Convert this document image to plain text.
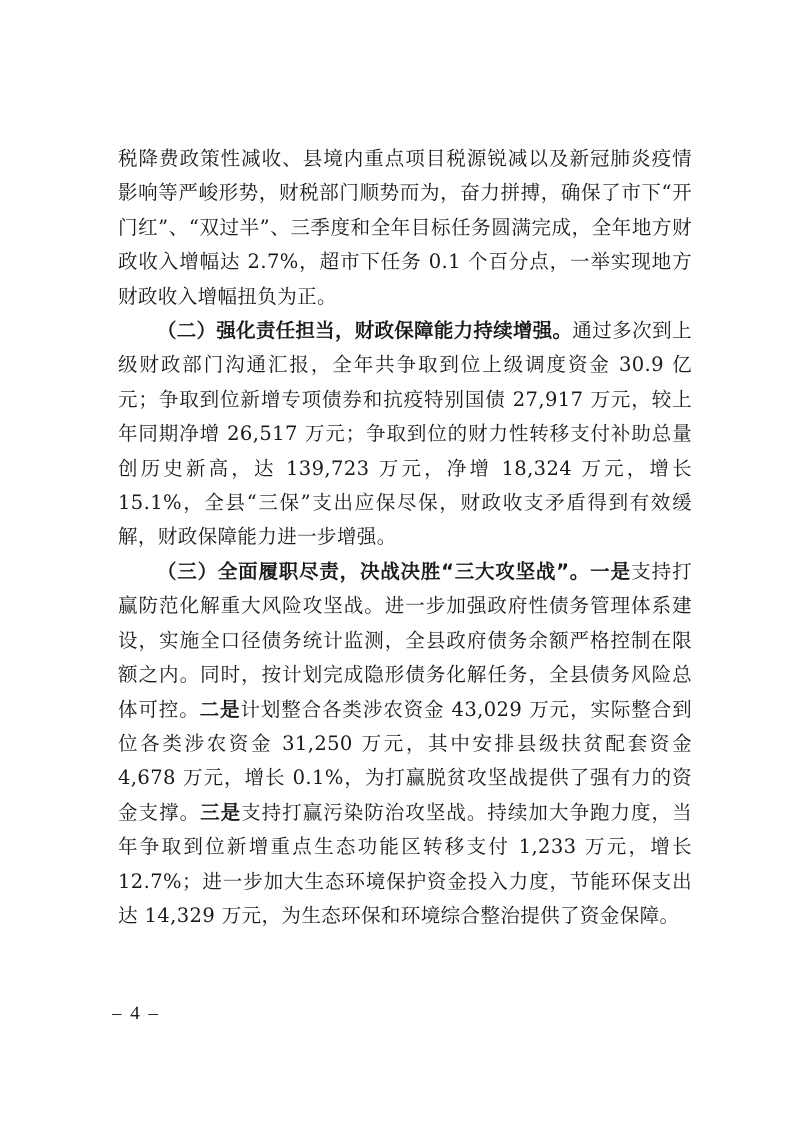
税降费政策性减收、县境内重点项目税源锐减以及新冠肺炎疫情影响等严峻形势，财税部门顺势而为，奋力拼搏，确保了市下“开门红”、“双过半”、三季度和全年目标任务圆满完成，全年地方财政收入增幅达 2.7%，超市下任务 0.1 个百分点，一举实现地方财政收入增幅扭负为正。

（二）强化责任担当，财政保障能力持续增强。通过多次到上级财政部门沟通汇报，全年共争取到位上级调度资金 30.9 亿元；争取到位新增专项债券和抗疫特别国债 27,917 万元，较上年同期净增 26,517 万元；争取到位的财力性转移支付补助总量创历史新高，达 139,723 万元，净增 18,324 万元，增长 15.1%，全县“三保”支出应保尽保，财政收支矛盾得到有效缓解，财政保障能力进一步增强。

（三）全面履职尽责，决战决胜“三大攻坚战”。一是支持打赢防范化解重大风险攻坚战。进一步加强政府性债务管理体系建设，实施全口径债务统计监测，全县政府债务余额严格控制在限额之内。同时，按计划完成隐形债务化解任务，全县债务风险总体可控。二是计划整合各类涉农资金 43,029 万元，实际整合到位各类涉农资金 31,250 万元，其中安排县级扶贫配套资金 4,678 万元，增长 0.1%，为打赢脱贫攻坚战提供了强有力的资金支撑。三是支持打赢污染防治攻坚战。持续加大争跑力度，当年争取到位新增重点生态功能区转移支付 1,233 万元，增长 12.7%；进一步加大生态环境保护资金投入力度，节能环保支出达 14,329 万元，为生态环保和环境综合整治提供了资金保障。

– 4 –
